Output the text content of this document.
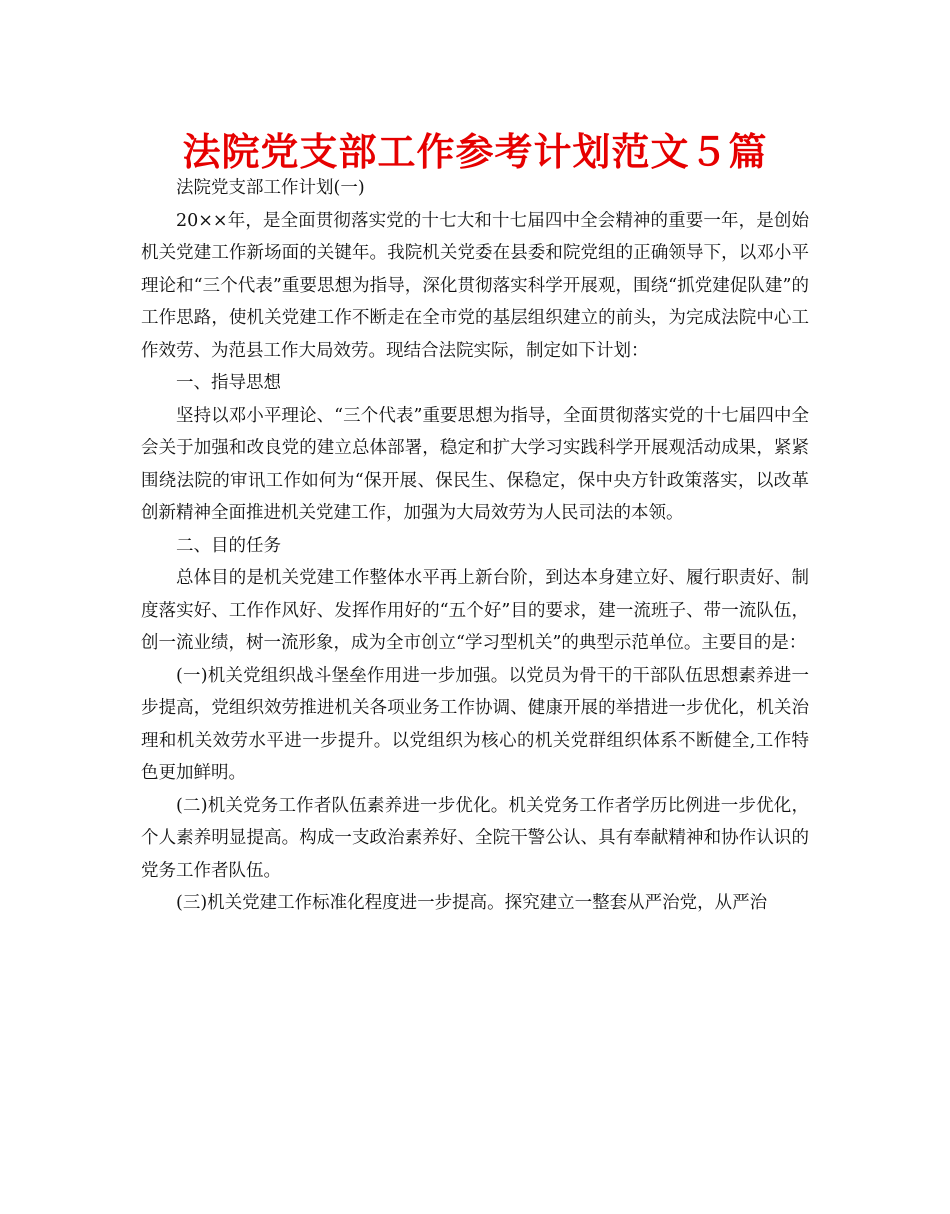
法院党支部工作参考计划范文５篇

法院党支部工作计划(一)

20××年，是全面贯彻落实党的十七大和十七届四中全会精神的重要一年，是创始机关党建工作新场面的关键年。我院机关党委在县委和院党组的正确领导下，以邓小平理论和“三个代表”重要思想为指导，深化贯彻落实科学开展观，围绕“抓党建促队建”的工作思路，使机关党建工作不断走在全市党的基层组织建立的前头，为完成法院中心工作效劳、为范县工作大局效劳。现结合法院实际，制定如下计划：

一、指导思想

坚持以邓小平理论、“三个代表”重要思想为指导，全面贯彻落实党的十七届四中全会关于加强和改良党的建立总体部署，稳定和扩大学习实践科学开展观活动成果，紧紧围绕法院的审讯工作如何为“保开展、保民生、保稳定，保中央方针政策落实，以改革创新精神全面推进机关党建工作，加强为大局效劳为人民司法的本领。

二、目的任务

总体目的是机关党建工作整体水平再上新台阶，到达本身建立好、履行职责好、制度落实好、工作作风好、发挥作用好的“五个好”目的要求，建一流班子、带一流队伍，创一流业绩，树一流形象，成为全市创立“学习型机关”的典型示范单位。主要目的是：

(一)机关党组织战斗堡垒作用进一步加强。以党员为骨干的干部队伍思想素养进一步提高，党组织效劳推进机关各项业务工作协调、健康开展的举措进一步优化，机关治理和机关效劳水平进一步提升。以党组织为核心的机关党群组织体系不断健全,工作特色更加鲜明。

(二)机关党务工作者队伍素养进一步优化。机关党务工作者学历比例进一步优化，个人素养明显提高。构成一支政治素养好、全院干警公认、具有奉献精神和协作认识的党务工作者队伍。

(三)机关党建工作标准化程度进一步提高。探究建立一整套从严治党，从严治
